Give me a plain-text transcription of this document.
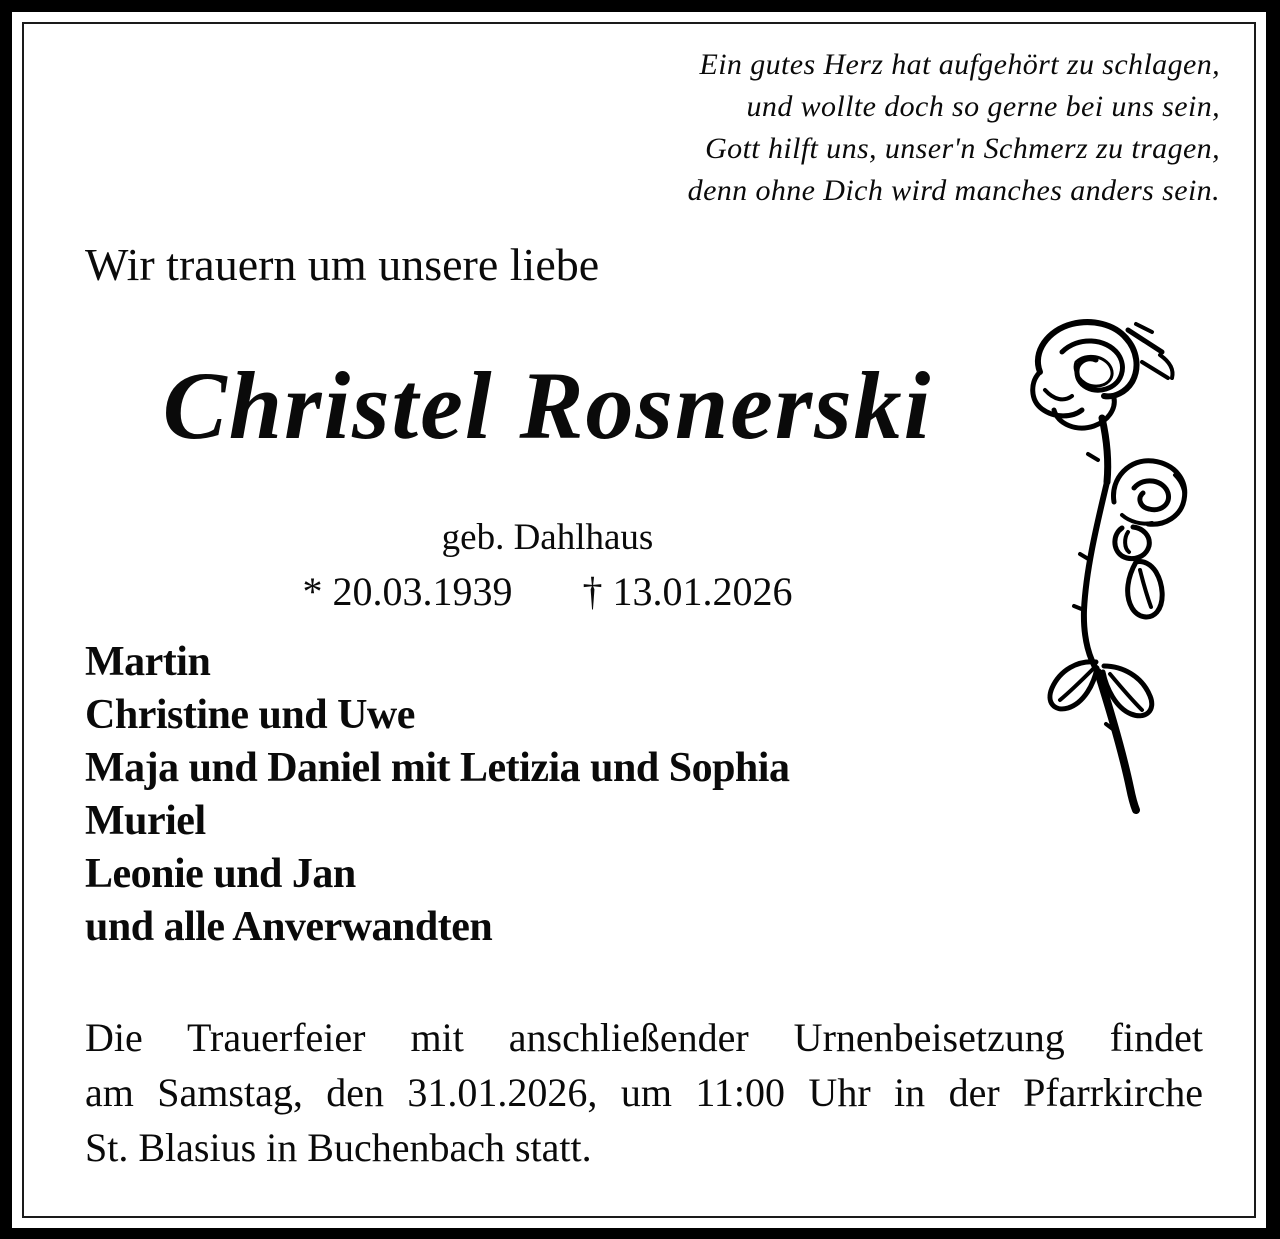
Ein gutes Herz hat aufgehört zu schlagen,
und wollte doch so gerne bei uns sein,
Gott hilft uns, unser'n Schmerz zu tragen,
denn ohne Dich wird manches anders sein.
Wir trauern um unsere liebe
Christel Rosnerski
geb. Dahlhaus
* 20.03.1939 † 13.01.2026
Martin
Christine und Uwe
Maja und Daniel mit Letizia und Sophia
Muriel
Leonie und Jan
und alle Anverwandten
Die Trauerfeier mit anschließender Urnenbeisetzung findet
am Samstag, den 31.01.2026, um 11:00 Uhr in der Pfarrkirche
St. Blasius in Buchenbach statt.
